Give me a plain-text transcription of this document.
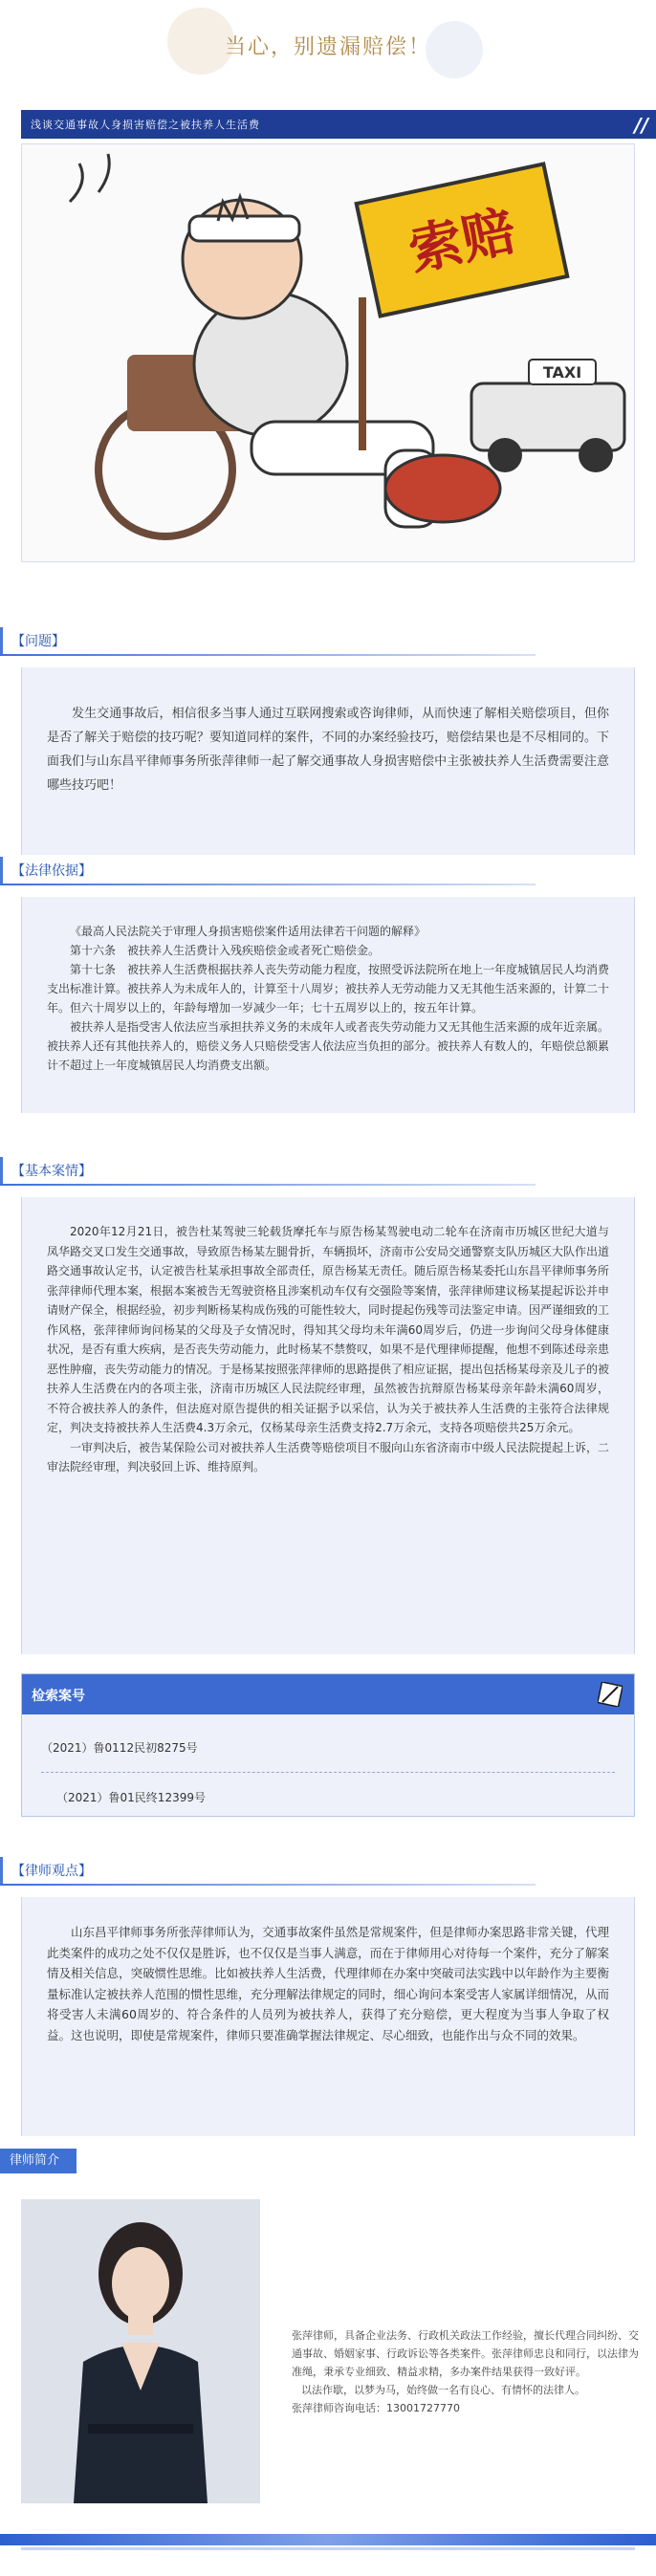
当心，别遗漏赔偿！
浅谈交通事故人身损害赔偿之被扶养人生活费	//
索赔
TAXI
【问题】
发生交通事故后，相信很多当事人通过互联网搜索或咨询律师，从而快速了解相关赔偿项目，但你是否了解关于赔偿的技巧呢？要知道同样的案件，不同的办案经验技巧，赔偿结果也是不尽相同的。下面我们与山东昌平律师事务所张萍律师一起了解交通事故人身损害赔偿中主张被扶养人生活费需要注意哪些技巧吧！
【法律依据】
《最高人民法院关于审理人身损害赔偿案件适用法律若干问题的解释》
第十六条　被扶养人生活费计入残疾赔偿金或者死亡赔偿金。
第十七条　被扶养人生活费根据扶养人丧失劳动能力程度，按照受诉法院所在地上一年度城镇居民人均消费支出标准计算。被扶养人为未成年人的，计算至十八周岁；被扶养人无劳动能力又无其他生活来源的，计算二十年。但六十周岁以上的，年龄每增加一岁减少一年；七十五周岁以上的，按五年计算。
被扶养人是指受害人依法应当承担扶养义务的未成年人或者丧失劳动能力又无其他生活来源的成年近亲属。被扶养人还有其他扶养人的，赔偿义务人只赔偿受害人依法应当负担的部分。被扶养人有数人的，年赔偿总额累计不超过上一年度城镇居民人均消费支出额。
【基本案情】
2020年12月21日，被告杜某驾驶三轮载货摩托车与原告杨某驾驶电动二轮车在济南市历城区世纪大道与凤华路交叉口发生交通事故，导致原告杨某左腿骨折，车辆损坏，济南市公安局交通警察支队历城区大队作出道路交通事故认定书，认定被告杜某承担事故全部责任，原告杨某无责任。随后原告杨某委托山东昌平律师事务所张萍律师代理本案，根据本案被告无驾驶资格且涉案机动车仅有交强险等案情，张萍律师建议杨某提起诉讼并申请财产保全，根据经验，初步判断杨某构成伤残的可能性较大，同时提起伤残等司法鉴定申请。因严谨细致的工作风格，张萍律师询问杨某的父母及子女情况时，得知其父母均未年满60周岁后，仍进一步询问父母身体健康状况，是否有重大疾病，是否丧失劳动能力，此时杨某不禁赘叹，如果不是代理律师提醒，他想不到陈述母亲患恶性肿瘤，丧失劳动能力的情况。于是杨某按照张萍律师的思路提供了相应证据，提出包括杨某母亲及儿子的被扶养人生活费在内的各项主张，济南市历城区人民法院经审理，虽然被告抗辩原告杨某母亲年龄未满60周岁，不符合被扶养人的条件，但法庭对原告提供的相关证据予以采信，认为关于被扶养人生活费的主张符合法律规定，判决支持被扶养人生活费4.3万余元，仅杨某母亲生活费支持2.7万余元，支持各项赔偿共25万余元。
一审判决后，被告某保险公司对被扶养人生活费等赔偿项目不服向山东省济南市中级人民法院提起上诉，二审法院经审理，判决驳回上诉、维持原判。
检索案号
（2021）鲁0112民初8275号
（2021）鲁01民终12399号
【律师观点】
山东昌平律师事务所张萍律师认为，交通事故案件虽然是常规案件，但是律师办案思路非常关键，代理此类案件的成功之处不仅仅是胜诉，也不仅仅是当事人满意，而在于律师用心对待每一个案件，充分了解案情及相关信息，突破惯性思维。比如被扶养人生活费，代理律师在办案中突破司法实践中以年龄作为主要衡量标准认定被扶养人范围的惯性思维，充分理解法律规定的同时，细心询问本案受害人家属详细情况，从而将受害人未满60周岁的、符合条件的人员列为被扶养人，获得了充分赔偿，更大程度为当事人争取了权益。这也说明，即使是常规案件，律师只要准确掌握法律规定、尽心细致，也能作出与众不同的效果。
律师简介
张萍律师，具备企业法务、行政机关政法工作经验，擅长代理合同纠纷、交通事故、婚姻家事、行政诉讼等各类案件。张萍律师忠良和同行，以法律为准绳，秉承专业细致、精益求精，多办案件结果获得一致好评。
以法作歇，以梦为马，始终做一名有良心、有情怀的法律人。
张萍律师咨询电话：13001727770
